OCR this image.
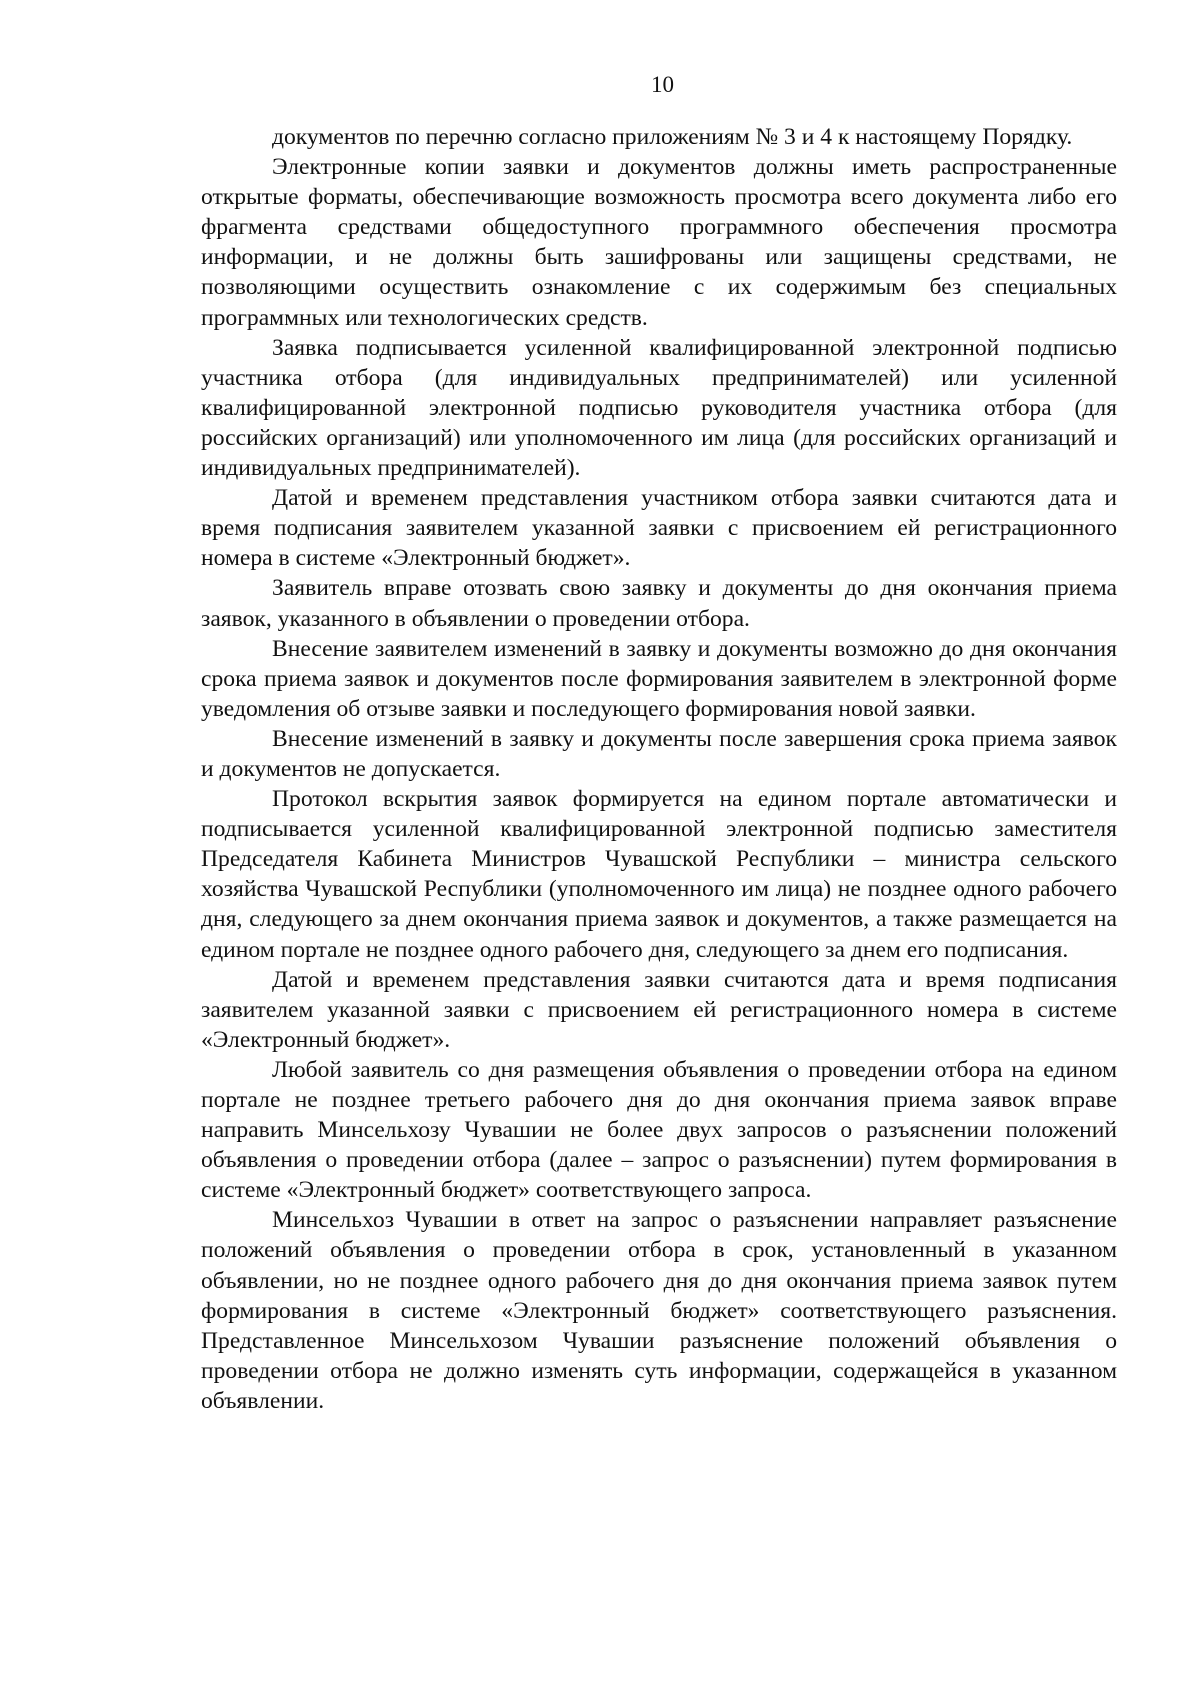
10

документов по перечню согласно приложениям № 3 и 4 к настоящему Порядку.

Электронные копии заявки и документов должны иметь распространенные открытые форматы, обеспечивающие возможность просмотра всего документа либо его фрагмента средствами общедоступного программного обеспечения просмотра информации, и не должны быть зашифрованы или защищены средствами, не позволяющими осуществить ознакомление с их содержимым без специальных программных или технологических средств.

Заявка подписывается усиленной квалифицированной электронной подписью участника отбора (для индивидуальных предпринимателей) или усиленной квалифицированной электронной подписью руководителя участника отбора (для российских организаций) или уполномоченного им лица (для российских организаций и индивидуальных предпринимателей).

Датой и временем представления участником отбора заявки считаются дата и время подписания заявителем указанной заявки с присвоением ей регистрационного номера в системе «Электронный бюджет».

Заявитель вправе отозвать свою заявку и документы до дня окончания приема заявок, указанного в объявлении о проведении отбора.

Внесение заявителем изменений в заявку и документы возможно до дня окончания срока приема заявок и документов после формирования заявителем в электронной форме уведомления об отзыве заявки и последующего формирования новой заявки.

Внесение изменений в заявку и документы после завершения срока приема заявок и документов не допускается.

Протокол вскрытия заявок формируется на едином портале автоматически и подписывается усиленной квалифицированной электронной подписью заместителя Председателя Кабинета Министров Чувашской Республики – министра сельского хозяйства Чувашской Республики (уполномоченного им лица) не позднее одного рабочего дня, следующего за днем окончания приема заявок и документов, а также размещается на едином портале не позднее одного рабочего дня, следующего за днем его подписания.

Датой и временем представления заявки считаются дата и время подписания заявителем указанной заявки с присвоением ей регистрационного номера в системе «Электронный бюджет».

Любой заявитель со дня размещения объявления о проведении отбора на едином портале не позднее третьего рабочего дня до дня окончания приема заявок вправе направить Минсельхозу Чувашии не более двух запросов о разъяснении положений объявления о проведении отбора (далее – запрос о разъяснении) путем формирования в системе «Электронный бюджет» соответствующего запроса.

Минсельхоз Чувашии в ответ на запрос о разъяснении направляет разъяснение положений объявления о проведении отбора в срок, установленный в указанном объявлении, но не позднее одного рабочего дня до дня окончания приема заявок путем формирования в системе «Электронный бюджет» соответствующего разъяснения. Представленное Минсельхозом Чувашии разъяснение положений объявления о проведении отбора не должно изменять суть информации, содержащейся в указанном объявлении.
